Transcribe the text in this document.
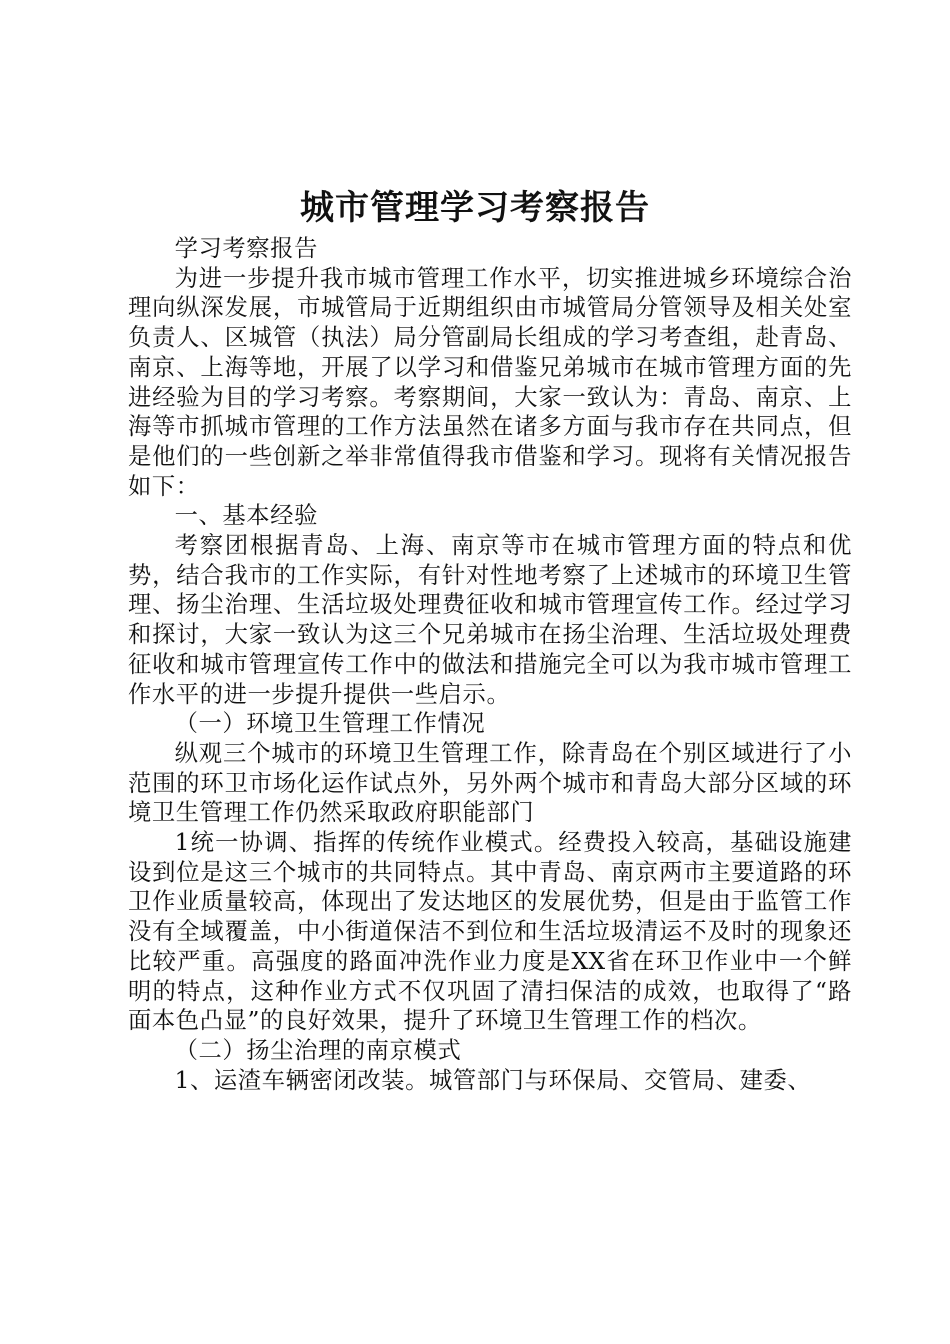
城市管理学习考察报告

学习考察报告

为进一步提升我市城市管理工作水平，切实推进城乡环境综合治理向纵深发展，市城管局于近期组织由市城管局分管领导及相关处室负责人、区城管（执法）局分管副局长组成的学习考查组，赴青岛、南京、上海等地，开展了以学习和借鉴兄弟城市在城市管理方面的先进经验为目的学习考察。考察期间，大家一致认为：青岛、南京、上海等市抓城市管理的工作方法虽然在诸多方面与我市存在共同点，但是他们的一些创新之举非常值得我市借鉴和学习。现将有关情况报告如下：

一、基本经验

考察团根据青岛、上海、南京等市在城市管理方面的特点和优势，结合我市的工作实际，有针对性地考察了上述城市的环境卫生管理、扬尘治理、生活垃圾处理费征收和城市管理宣传工作。经过学习和探讨，大家一致认为这三个兄弟城市在扬尘治理、生活垃圾处理费征收和城市管理宣传工作中的做法和措施完全可以为我市城市管理工作水平的进一步提升提供一些启示。

（一）环境卫生管理工作情况

纵观三个城市的环境卫生管理工作，除青岛在个别区域进行了小范围的环卫市场化运作试点外，另外两个城市和青岛大部分区域的环境卫生管理工作仍然采取政府职能部门

1统一协调、指挥的传统作业模式。经费投入较高，基础设施建设到位是这三个城市的共同特点。其中青岛、南京两市主要道路的环卫作业质量较高，体现出了发达地区的发展优势，但是由于监管工作没有全域覆盖，中小街道保洁不到位和生活垃圾清运不及时的现象还比较严重。高强度的路面冲洗作业力度是XX省在环卫作业中一个鲜明的特点，这种作业方式不仅巩固了清扫保洁的成效，也取得了“路面本色凸显”的良好效果，提升了环境卫生管理工作的档次。

（二）扬尘治理的南京模式

1、运渣车辆密闭改装。城管部门与环保局、交管局、建委、
